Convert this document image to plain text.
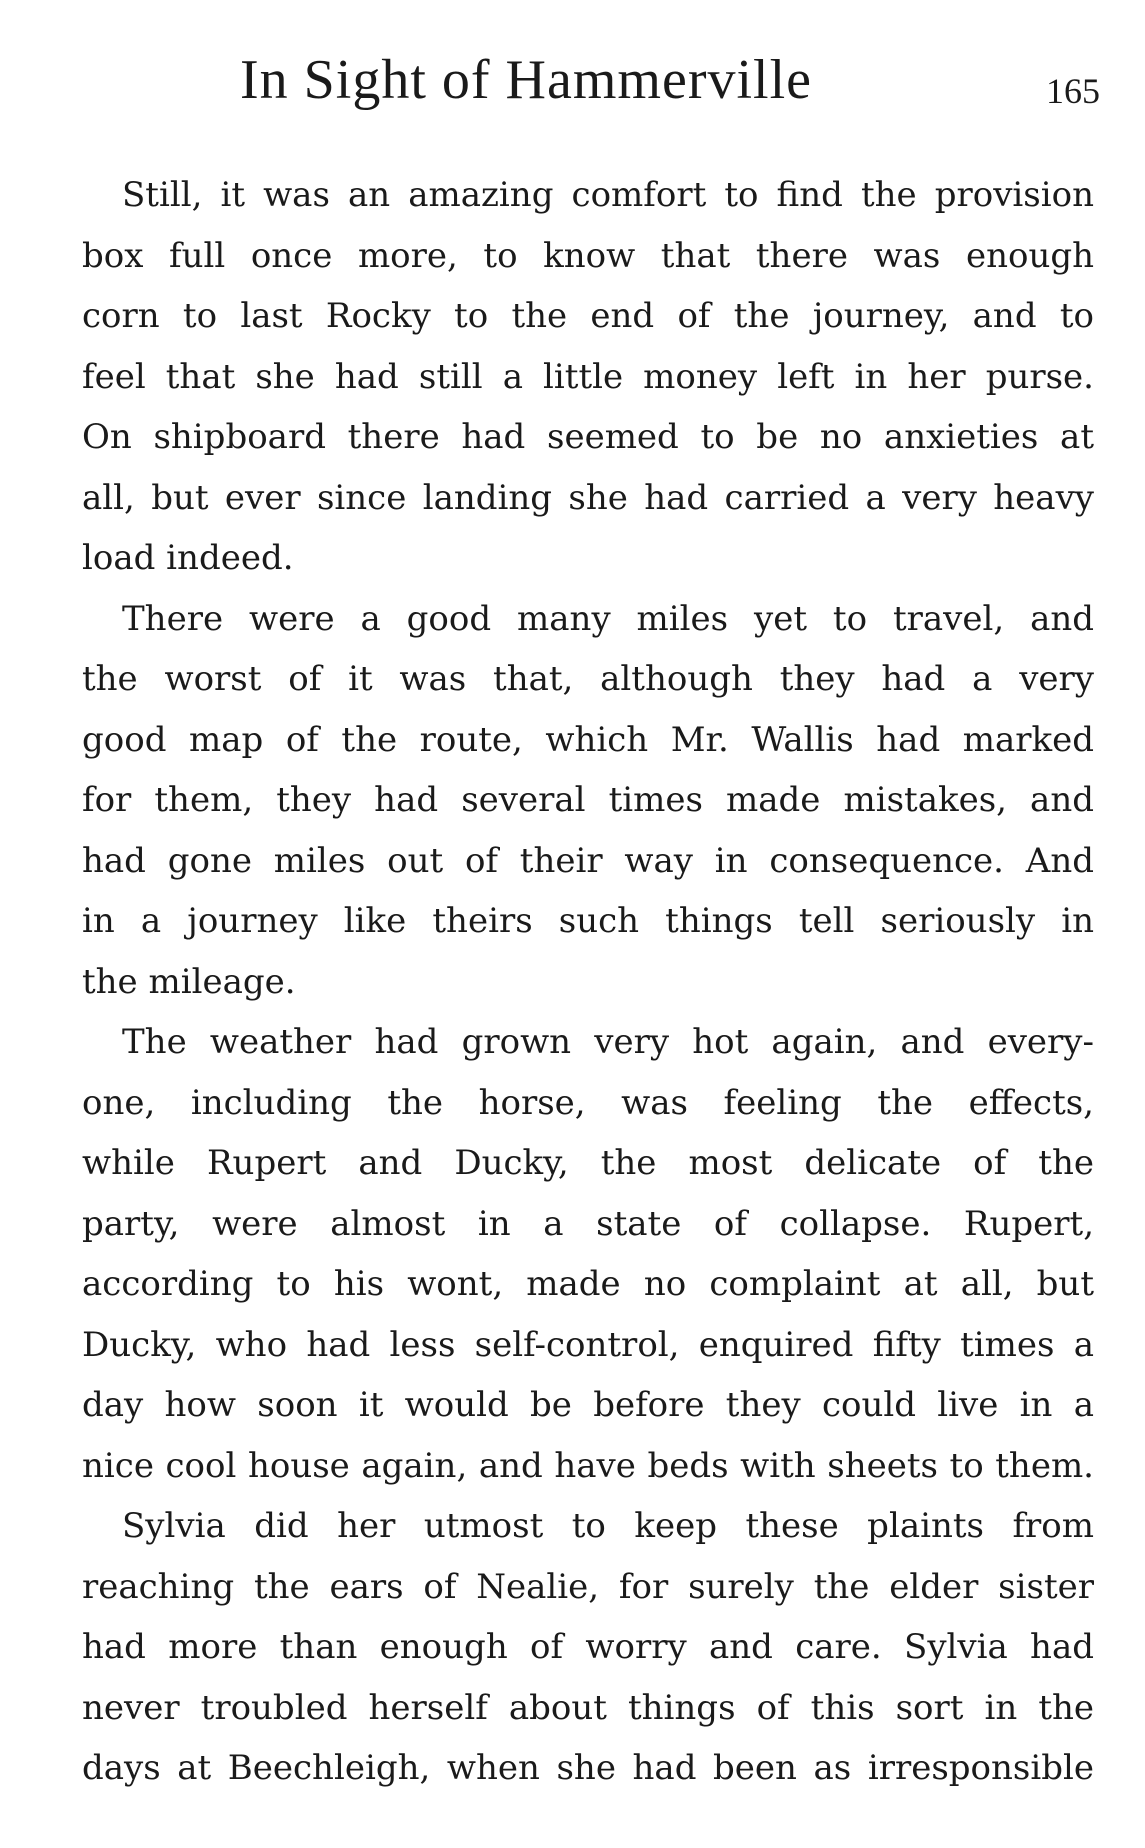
In Sight of Hammerville	165

Still, it was an amazing comfort to find the provision
box full once more, to know that there was enough
corn to last Rocky to the end of the journey, and to
feel that she had still a little money left in her purse.
On shipboard there had seemed to be no anxieties at
all, but ever since landing she had carried a very heavy
load indeed.

There were a good many miles yet to travel, and
the worst of it was that, although they had a very
good map of the route, which Mr. Wallis had marked
for them, they had several times made mistakes, and
had gone miles out of their way in consequence. And
in a journey like theirs such things tell seriously in
the mileage.

The weather had grown very hot again, and every-
one, including the horse, was feeling the effects,
while Rupert and Ducky, the most delicate of the
party, were almost in a state of collapse. Rupert,
according to his wont, made no complaint at all, but
Ducky, who had less self-control, enquired fifty times a
day how soon it would be before they could live in a
nice cool house again, and have beds with sheets to them.

Sylvia did her utmost to keep these plaints from
reaching the ears of Nealie, for surely the elder sister
had more than enough of worry and care. Sylvia had
never troubled herself about things of this sort in the
days at Beechleigh, when she had been as irresponsible
